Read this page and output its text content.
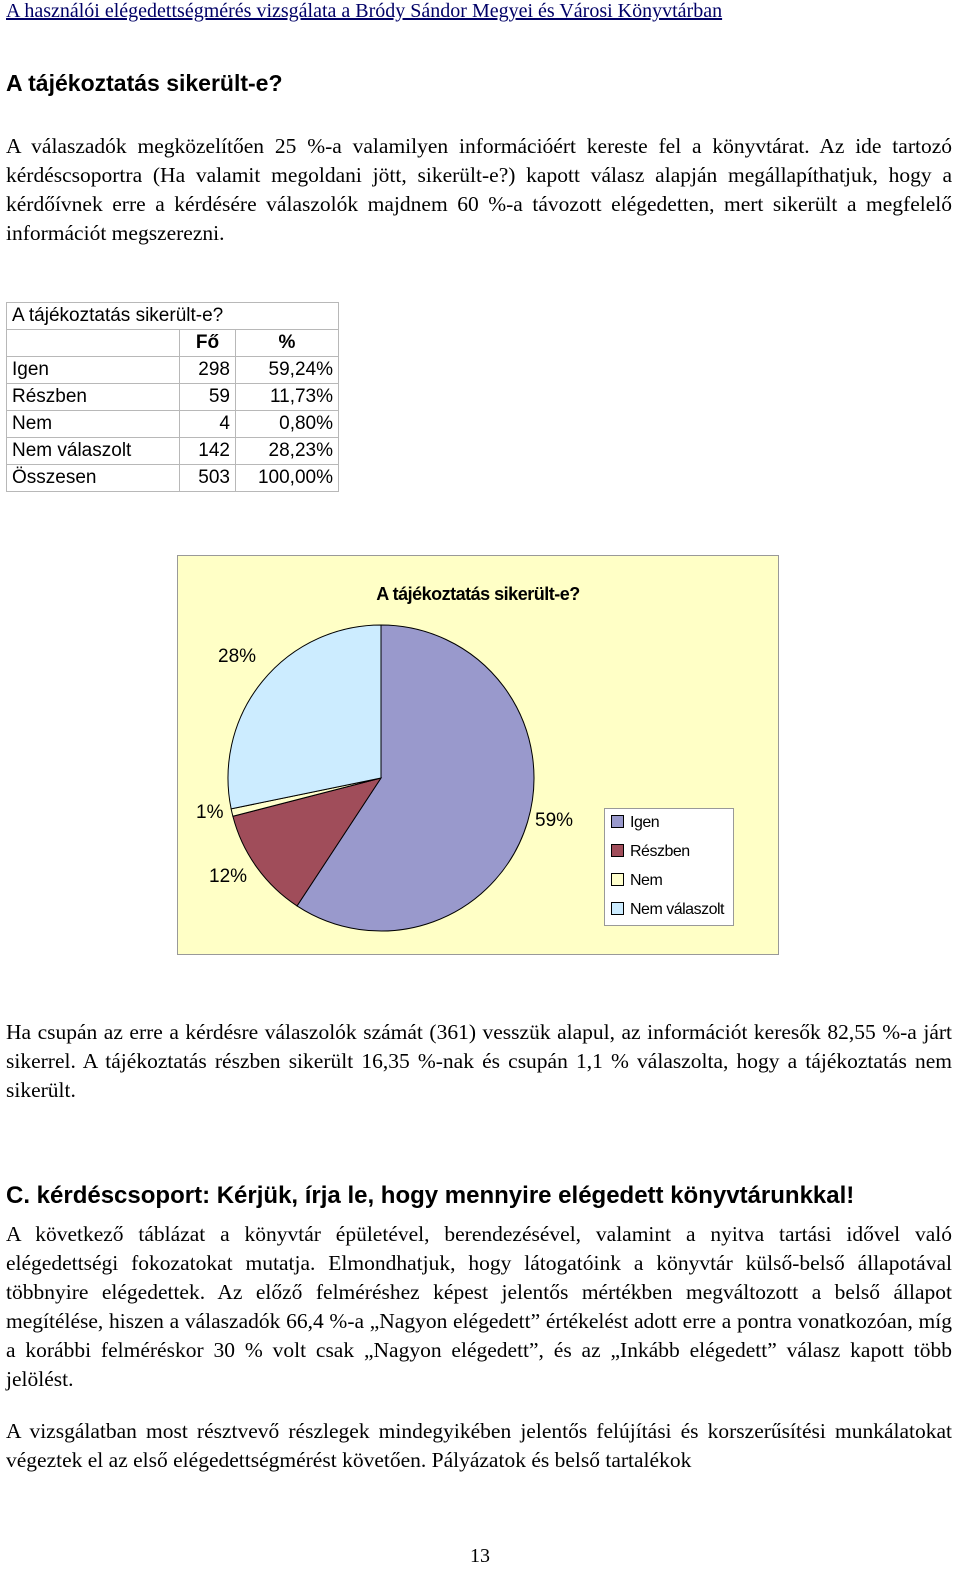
A használói elégedettségmérés vizsgálata a Bródy Sándor Megyei és Városi Könyvtárban
A tájékoztatás sikerült-e?
A válaszadók megközelítően 25 %-a valamilyen információért kereste fel a könyvtárat. Az ide tartozó kérdéscsoportra (Ha valamit megoldani jött, sikerült-e?) kapott válasz alapján megállapíthatjuk, hogy a kérdőívnek erre a kérdésére válaszolók majdnem 60 %-a távozott elégedetten, mert sikerült a megfelelő információt megszerezni.
A tájékoztatás sikerült-e?		
	Fő	%
Igen	298	59,24%
Részben	59	11,73%
Nem	4	0,80%
Nem válaszolt	142	28,23%
Összesen	503	100,00%
A tájékoztatás sikerült-e?
59%
12%
1%
28%
Igen
Részben
Nem
Nem válaszolt
Ha csupán az erre a kérdésre válaszolók számát (361) vesszük alapul, az információt keresők 82,55 %-a járt sikerrel. A tájékoztatás részben sikerült 16,35 %-nak és csupán 1,1 % válaszolta, hogy a tájékoztatás nem sikerült.
C. kérdéscsoport: Kérjük, írja le, hogy mennyire elégedett könyvtárunkkal!
A következő táblázat a könyvtár épületével, berendezésével, valamint a nyitva tartási idővel való elégedettségi fokozatokat mutatja. Elmondhatjuk, hogy látogatóink a könyvtár külső-belső állapotával többnyire elégedettek. Az előző felméréshez képest jelentős mértékben megváltozott a belső állapot megítélése, hiszen a válaszadók 66,4 %-a „Nagyon elégedett” értékelést adott erre a pontra vonatkozóan, míg a korábbi felméréskor 30 % volt csak „Nagyon elégedett”, és az „Inkább elégedett” válasz kapott több jelölést.
A vizsgálatban most résztvevő részlegek mindegyikében jelentős felújítási és korszerűsítési munkálatokat végeztek el az első elégedettségmérést követően. Pályázatok és belső tartalékok
13
